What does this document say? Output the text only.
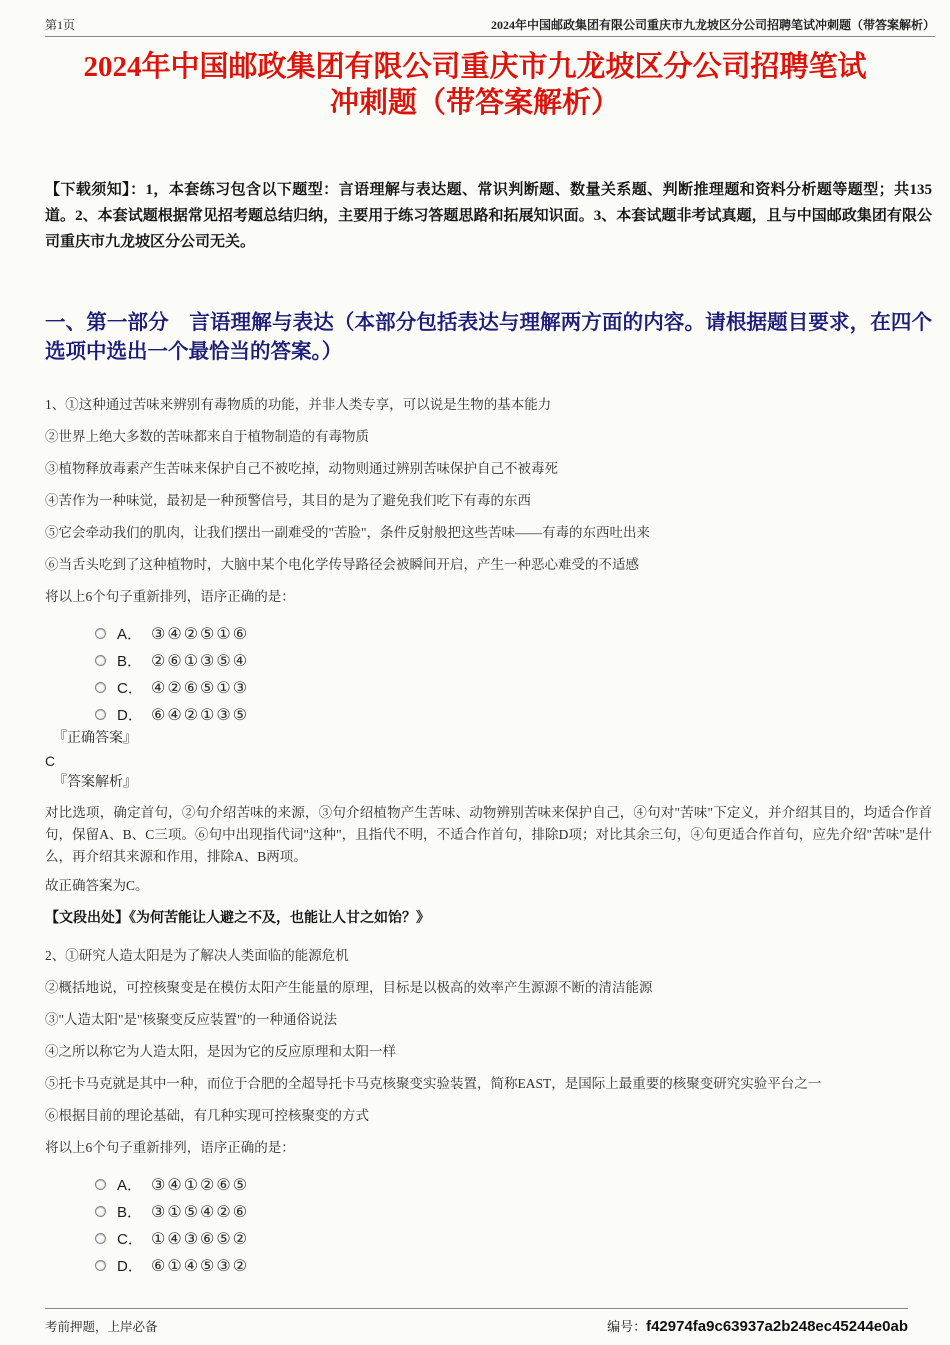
第1页	2024年中国邮政集团有限公司重庆市九龙坡区分公司招聘笔试冲刺题（带答案解析）
2024年中国邮政集团有限公司重庆市九龙坡区分公司招聘笔试
冲刺题（带答案解析）

【下载须知】：1，本套练习包含以下题型：言语理解与表达题、常识判断题、数量关系题、判断推理题和资料分析题等题型；共135道。2、本套试题根据常见招考题总结归纳，主要用于练习答题思路和拓展知识面。3、本套试题非考试真题，且与中国邮政集团有限公司重庆市九龙坡区分公司无关。

一、第一部分　言语理解与表达（本部分包括表达与理解两方面的内容。请根据题目要求，在四个选项中选出一个最恰当的答案。）

1、①这种通过苦味来辨别有毒物质的功能，并非人类专享，可以说是生物的基本能力

②世界上绝大多数的苦味都来自于植物制造的有毒物质

③植物释放毒素产生苦味来保护自己不被吃掉，动物则通过辨别苦味保护自己不被毒死

④苦作为一种味觉，最初是一种预警信号，其目的是为了避免我们吃下有毒的东西

⑤它会牵动我们的肌肉，让我们摆出一副难受的"苦脸"，条件反射般把这些苦味——有毒的东西吐出来

⑥当舌头吃到了这种植物时，大脑中某个电化学传导路径会被瞬间开启，产生一种恶心难受的不适感

将以上6个句子重新排列，语序正确的是：

A． ③④②⑤①⑥
B． ②⑥①③⑤④
C． ④②⑥⑤①③
D． ⑥④②①③⑤
『正确答案』
C
『答案解析』

对比选项，确定首句，②句介绍苦味的来源，③句介绍植物产生苦味、动物辨别苦味来保护自己，④句对"苦味"下定义，并介绍其目的，均适合作首句，保留A、B、C三项。⑥句中出现指代词"这种"，且指代不明，不适合作首句，排除D项；对比其余三句，④句更适合作首句，应先介绍"苦味"是什么，再介绍其来源和作用，排除A、B两项。

故正确答案为C。

【文段出处】《为何苦能让人避之不及，也能让人甘之如饴？》

2、①研究人造太阳是为了解决人类面临的能源危机

②概括地说，可控核聚变是在模仿太阳产生能量的原理，目标是以极高的效率产生源源不断的清洁能源

③"人造太阳"是"核聚变反应装置"的一种通俗说法

④之所以称它为人造太阳，是因为它的反应原理和太阳一样

⑤托卡马克就是其中一种，而位于合肥的全超导托卡马克核聚变实验装置，简称EAST，是国际上最重要的核聚变研究实验平台之一

⑥根据目前的理论基础，有几种实现可控核聚变的方式

将以上6个句子重新排列，语序正确的是：

A． ③④①②⑥⑤
B． ③①⑤④②⑥
C． ①④③⑥⑤②
D． ⑥①④⑤③②
考前押题，上岸必备	编号：f42974fa9c63937a2b248ec45244e0ab
